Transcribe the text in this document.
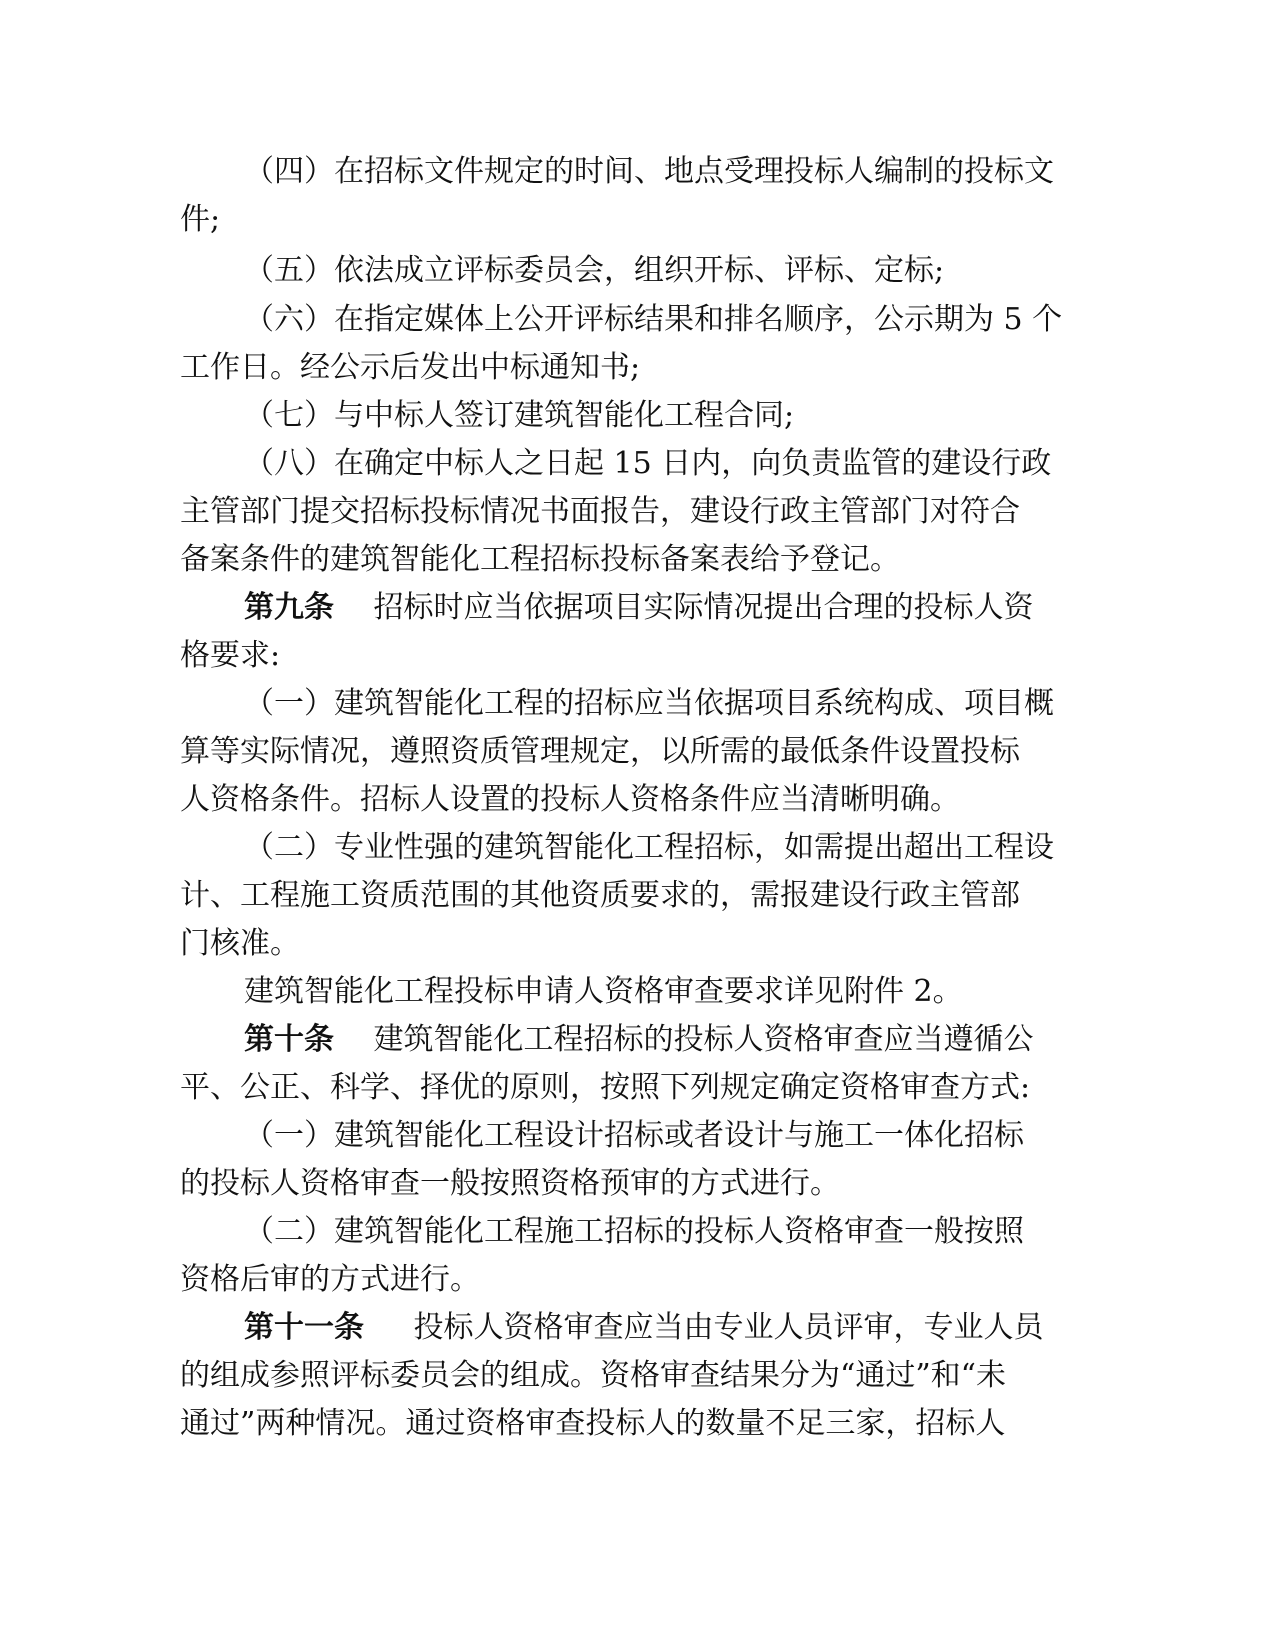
（四）在招标文件规定的时间、地点受理投标人编制的投标文
件;
（五）依法成立评标委员会，组织开标、评标、定标;
（六）在指定媒体上公开评标结果和排名顺序，公示期为 5 个
工作日。经公示后发出中标通知书;
（七）与中标人签订建筑智能化工程合同;
（八）在确定中标人之日起 15 日内，向负责监管的建设行政
主管部门提交招标投标情况书面报告，建设行政主管部门对符合
备案条件的建筑智能化工程招标投标备案表给予登记。
第九条 招标时应当依据项目实际情况提出合理的投标人资
格要求:
（一）建筑智能化工程的招标应当依据项目系统构成、项目概
算等实际情况，遵照资质管理规定，以所需的最低条件设置投标
人资格条件。招标人设置的投标人资格条件应当清晰明确。
（二）专业性强的建筑智能化工程招标，如需提出超出工程设
计、工程施工资质范围的其他资质要求的，需报建设行政主管部
门核准。
建筑智能化工程投标申请人资格审查要求详见附件 2。
第十条 建筑智能化工程招标的投标人资格审查应当遵循公
平、公正、科学、择优的原则，按照下列规定确定资格审查方式:
（一）建筑智能化工程设计招标或者设计与施工一体化招标
的投标人资格审查一般按照资格预审的方式进行。
（二）建筑智能化工程施工招标的投标人资格审查一般按照
资格后审的方式进行。
第十一条 投标人资格审查应当由专业人员评审，专业人员
的组成参照评标委员会的组成。资格审查结果分为“通过”和“未
通过”两种情况。通过资格审查投标人的数量不足三家，招标人
